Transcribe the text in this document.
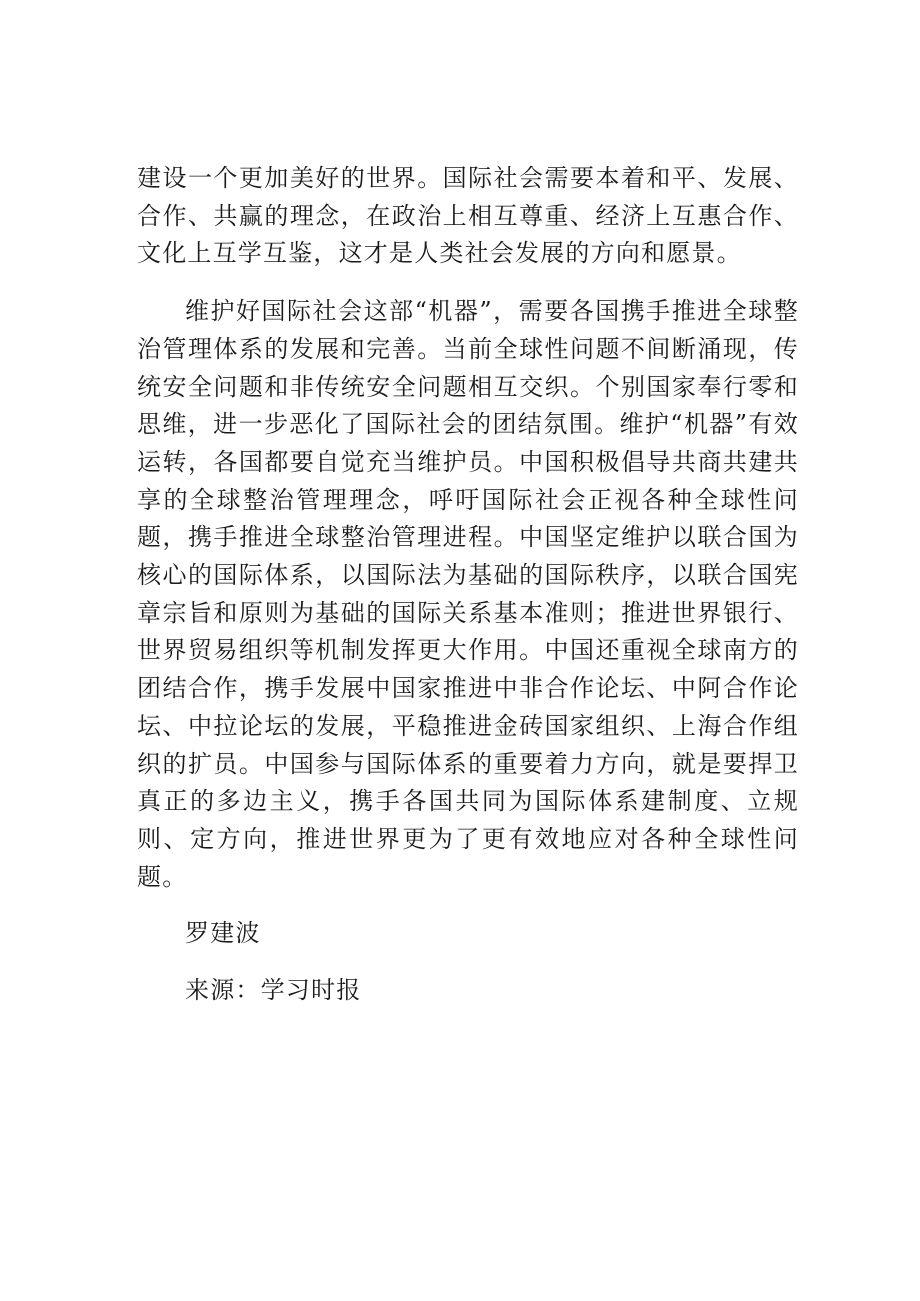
建设一个更加美好的世界。国际社会需要本着和平、发展、合作、共赢的理念，在政治上相互尊重、经济上互惠合作、文化上互学互鉴，这才是人类社会发展的方向和愿景。

维护好国际社会这部“机器”，需要各国携手推进全球整治管理体系的发展和完善。当前全球性问题不间断涌现，传统安全问题和非传统安全问题相互交织。个别国家奉行零和思维，进一步恶化了国际社会的团结氛围。维护“机器”有效运转，各国都要自觉充当维护员。中国积极倡导共商共建共享的全球整治管理理念，呼吁国际社会正视各种全球性问题，携手推进全球整治管理进程。中国坚定维护以联合国为核心的国际体系，以国际法为基础的国际秩序，以联合国宪章宗旨和原则为基础的国际关系基本准则；推进世界银行、世界贸易组织等机制发挥更大作用。中国还重视全球南方的团结合作，携手发展中国家推进中非合作论坛、中阿合作论坛、中拉论坛的发展，平稳推进金砖国家组织、上海合作组织的扩员。中国参与国际体系的重要着力方向，就是要捍卫真正的多边主义，携手各国共同为国际体系建制度、立规则、定方向，推进世界更为了更有效地应对各种全球性问题。

罗建波

来源：学习时报
